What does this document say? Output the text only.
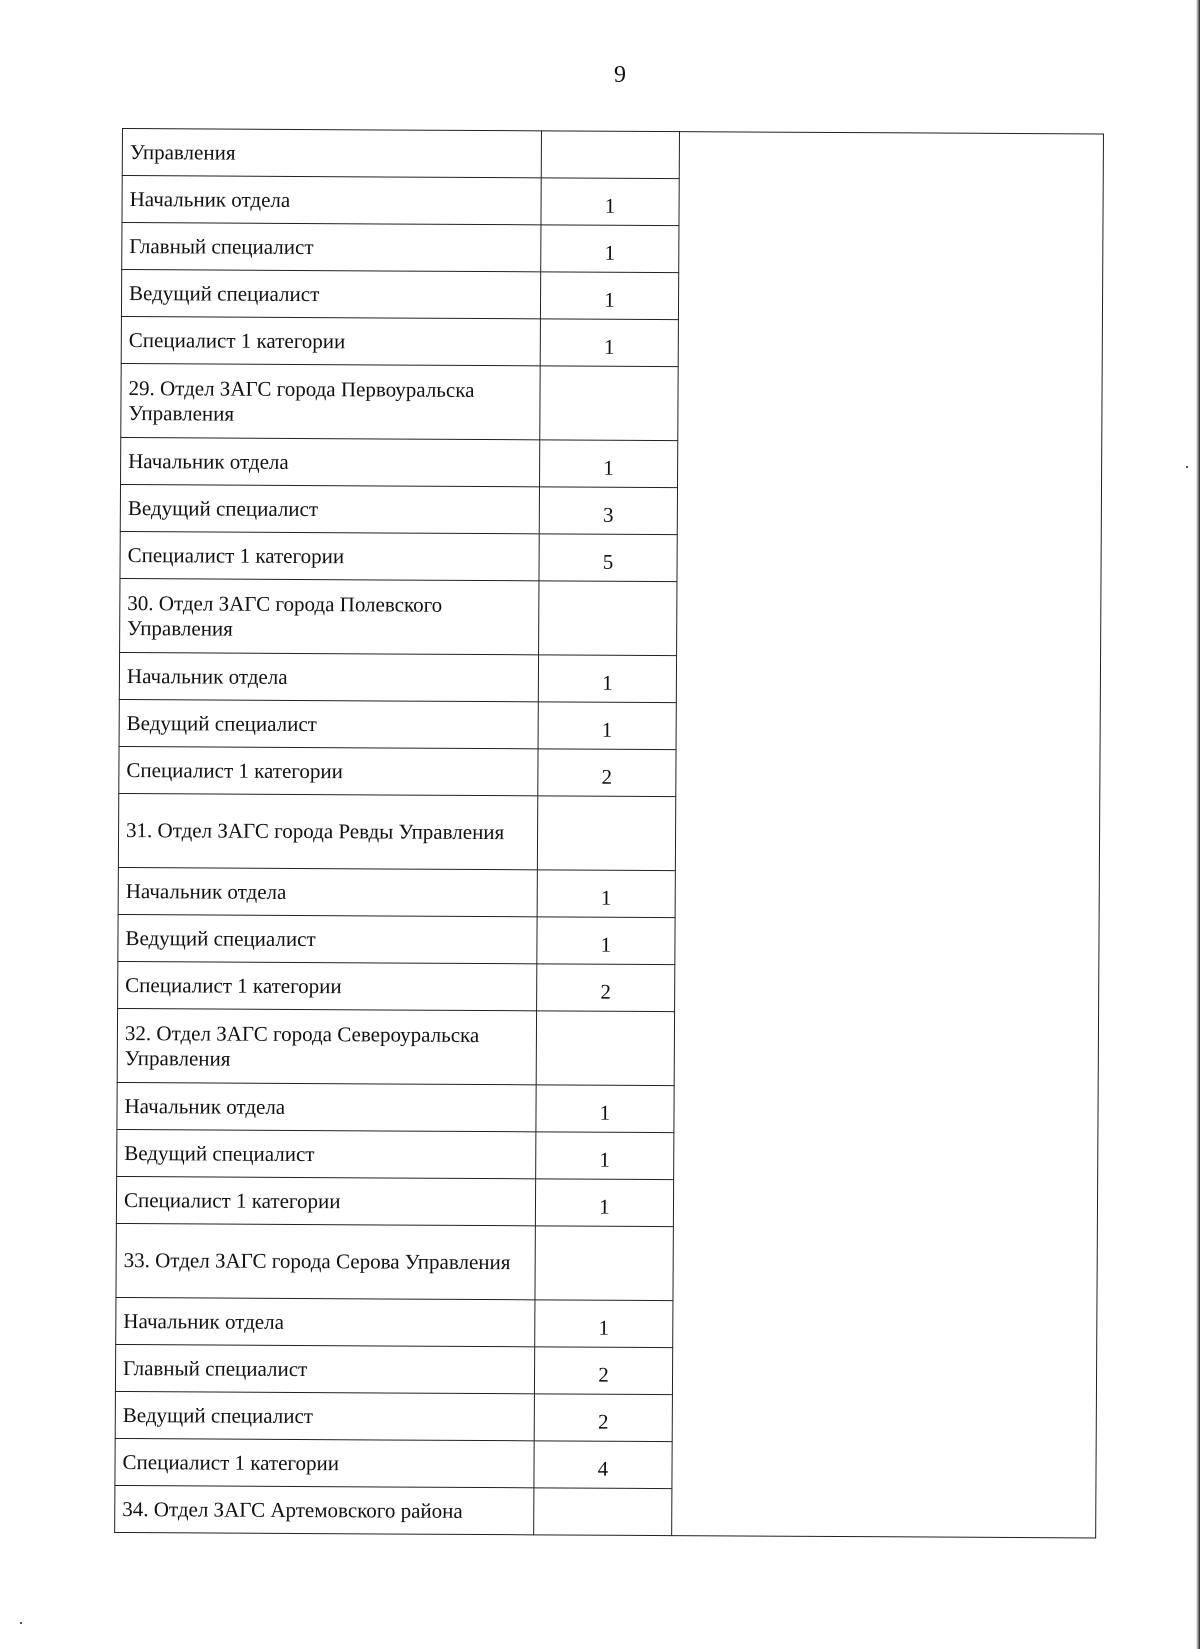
9
Управления		
Начальник отдела	1	
Главный специалист	1	
Ведущий специалист	1	
Специалист 1 категории	1	
29. Отдел ЗАГС города Первоуральска Управления		
Начальник отдела	1	
Ведущий специалист	3	
Специалист 1 категории	5	
30. Отдел ЗАГС города Полевского Управления		
Начальник отдела	1	
Ведущий специалист	1	
Специалист 1 категории	2	
31. Отдел ЗАГС города Ревды Управления		
Начальник отдела	1	
Ведущий специалист	1	
Специалист 1 категории	2	
32. Отдел ЗАГС города Североуральска Управления		
Начальник отдела	1	
Ведущий специалист	1	
Специалист 1 категории	1	
33. Отдел ЗАГС города Серова Управления		
Начальник отдела	1	
Главный специалист	2	
Ведущий специалист	2	
Специалист 1 категории	4	
34. Отдел ЗАГС Артемовского района		
